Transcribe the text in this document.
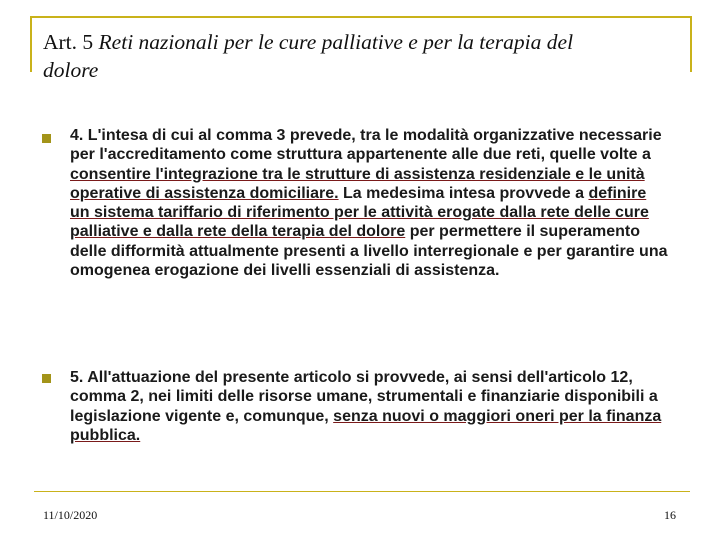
Art. 5 Reti nazionali per le cure palliative e per la terapia del
dolore
4. L'intesa di cui al comma 3 prevede, tra le modalità organizzative necessarie per l'accreditamento come struttura appartenente alle due reti, quelle volte a consentire l'integrazione tra le strutture di assistenza residenziale e le unità operative di assistenza domiciliare. La medesima intesa provvede a definire un sistema tariffario di riferimento per le attività erogate dalla rete delle cure palliative e dalla rete della terapia del dolore per permettere il superamento delle difformità attualmente presenti a livello interregionale e per garantire una omogenea erogazione dei livelli essenziali di assistenza.
5. All'attuazione del presente articolo si provvede, ai sensi dell'articolo 12, comma 2, nei limiti delle risorse umane, strumentali e finanziarie disponibili a legislazione vigente e, comunque, senza nuovi o maggiori oneri per la finanza pubblica.
11/10/2020	16
